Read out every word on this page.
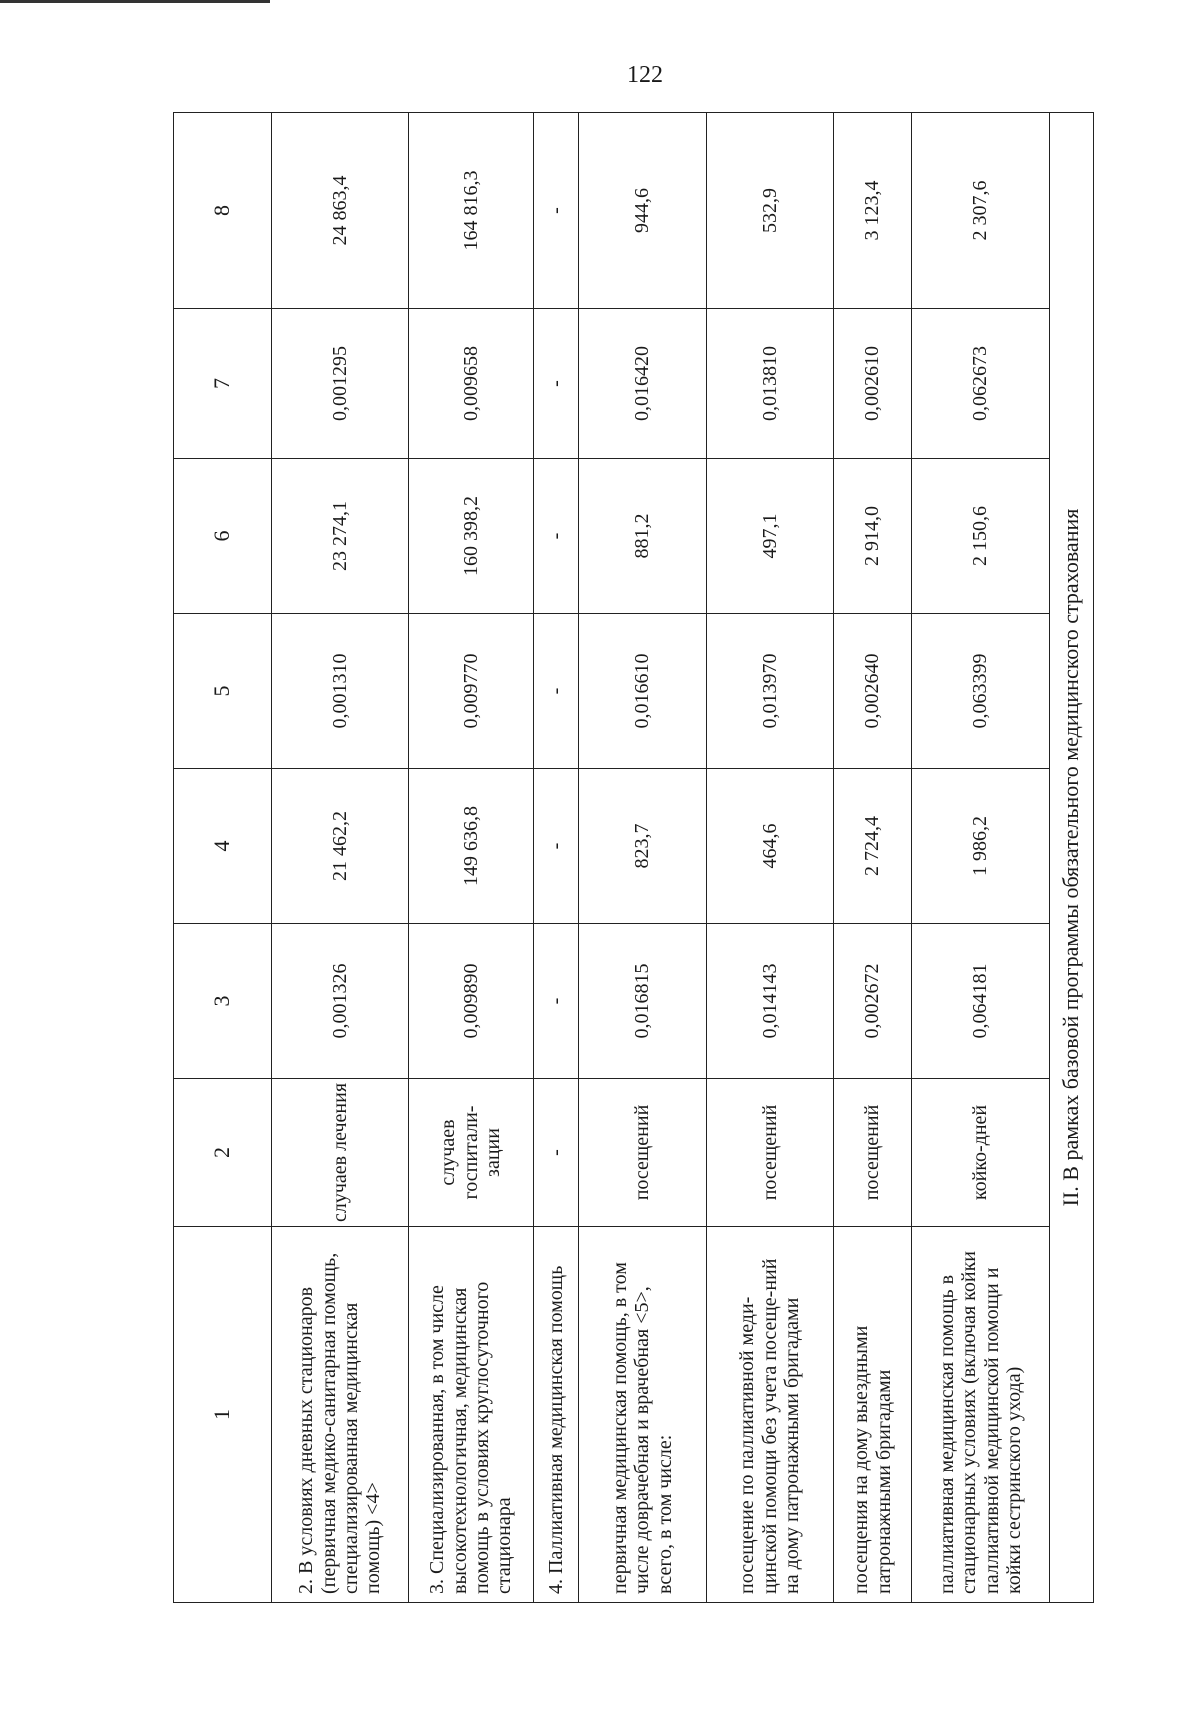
122
1	2	3	4	5	6	7	8
2. В условиях дневных стационаров (первичная медико-санитарная помощь, специализированная медицинская помощь) <4>	случаев лечения	0,001326	21 462,2	0,001310	23 274,1	0,001295	24 863,4
3. Специализированная, в том числе высокотехнологичная, медицинская помощь в условиях круглосуточного стационара	случаев госпитали-зации	0,009890	149 636,8	0,009770	160 398,2	0,009658	164 816,3
4. Паллиативная медицинская помощь	-	-	-	-	-	-	-
первичная медицинская помощь, в том числе доврачебная и врачебная <5>, всего, в том числе:	посещений	0,016815	823,7	0,016610	881,2	0,016420	944,6
посещение по паллиативной меди-цинской помощи без учета посеще-ний на дому патронажными бригадами	посещений	0,014143	464,6	0,013970	497,1	0,013810	532,9
посещения на дому выездными патронажными бригадами	посещений	0,002672	2 724,4	0,002640	2 914,0	0,002610	3 123,4
паллиативная медицинская помощь в стационарных условиях (включая койки паллиативной медицинской помощи и койки сестринского ухода)	койко-дней	0,064181	1 986,2	0,063399	2 150,6	0,062673	2 307,6
II. В рамках базовой программы обязательного медицинского страхования							
